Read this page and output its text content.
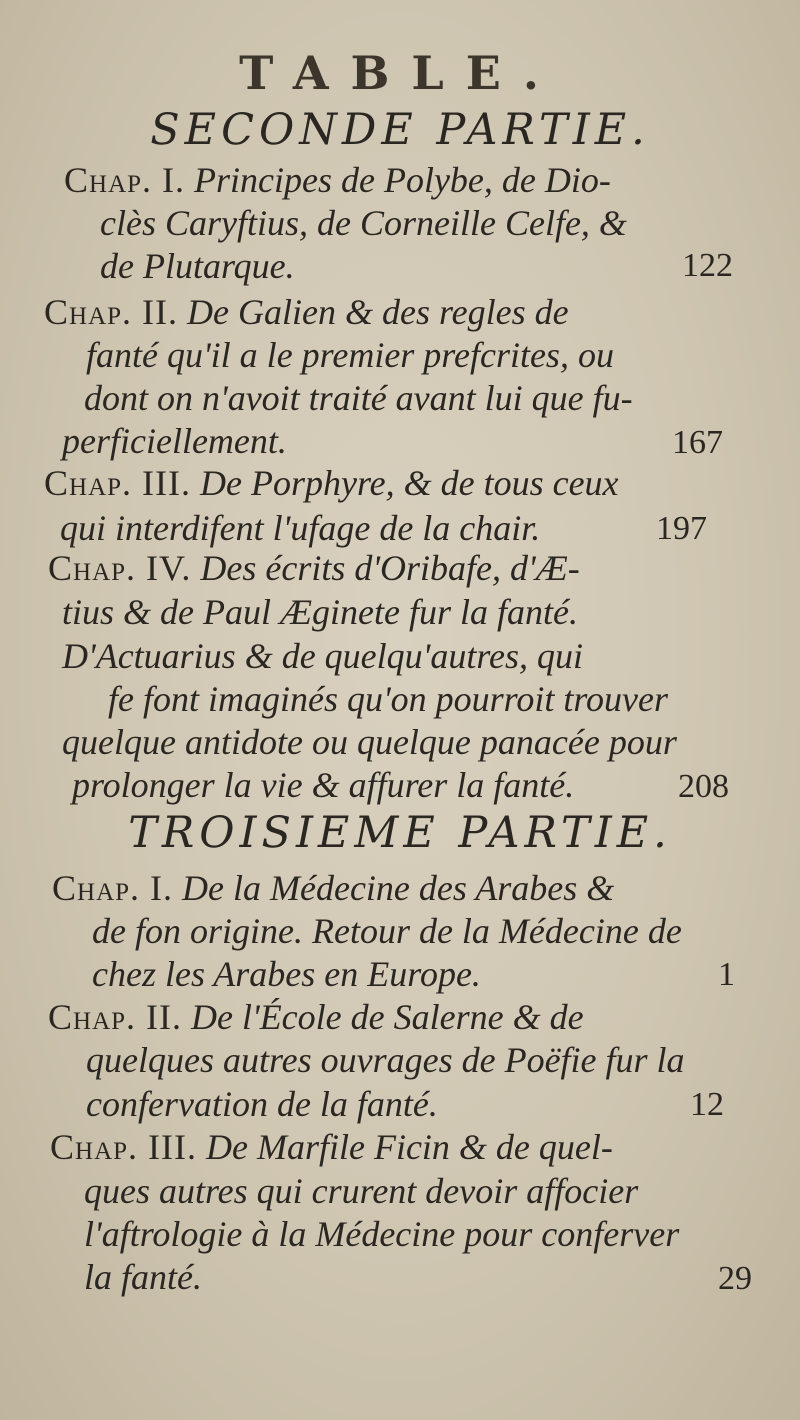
TABLE.
SECONDE PARTIE.
Chap. I. Principes de Polybe, de Dio-
clès Caryftius, de Corneille Celfe, &
de Plutarque.	122
Chap. II. De Galien & des regles de
fanté qu'il a le premier prefcrites, ou
dont on n'avoit traité avant lui que fu-
perficiellement.	167
Chap. III. De Porphyre, & de tous ceux
qui interdifent l'ufage de la chair.	197
Chap. IV. Des écrits d'Oribafe, d'Æ-
tius & de Paul Æginete fur la fanté.
D'Actuarius & de quelqu'autres, qui
fe font imaginés qu'on pourroit trouver
quelque antidote ou quelque panacée pour
prolonger la vie & affurer la fanté.	208
TROISIEME PARTIE.
Chap. I. De la Médecine des Arabes &
de fon origine. Retour de la Médecine de
chez les Arabes en Europe.	1
Chap. II. De l'École de Salerne & de
quelques autres ouvrages de Poëfie fur la
confervation de la fanté.	12
Chap. III. De Marfile Ficin & de quel-
ques autres qui crurent devoir affocier
l'aftrologie à la Médecine pour conferver
la fanté.	29
